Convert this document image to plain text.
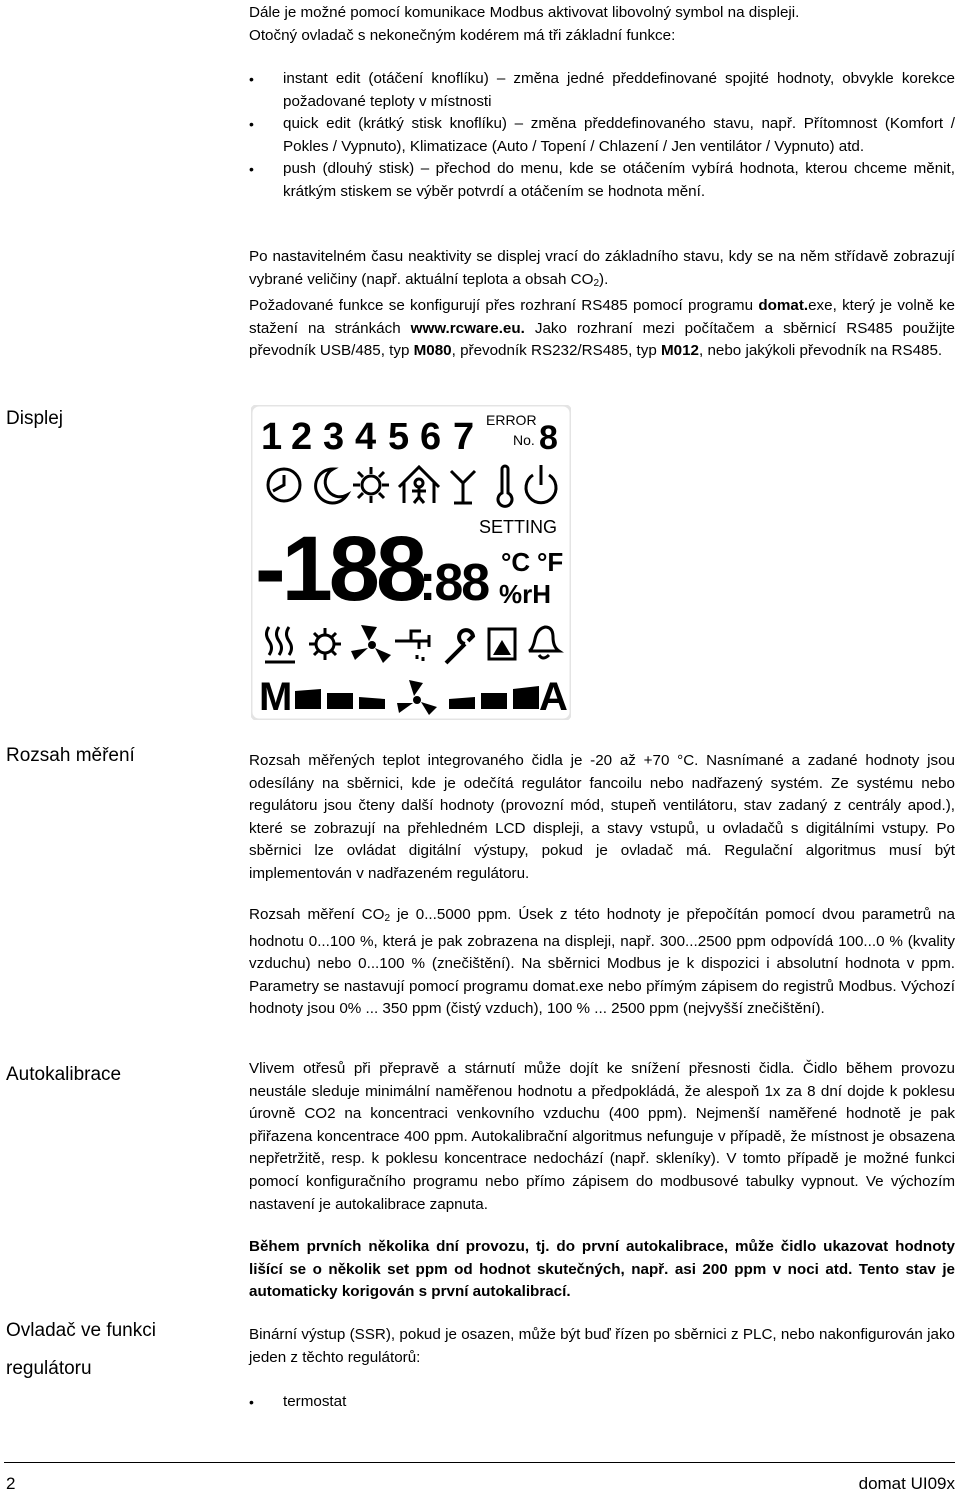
Dále je možné pomocí komunikace Modbus aktivovat libovolný symbol na displeji.
Otočný ovladač s nekonečným kodérem má tři základní funkce:

• instant edit (otáčení knoflíku) – změna jedné předdefinované spojité hodnoty, obvykle korekce požadované teploty v místnosti
• quick edit (krátký stisk knoflíku) – změna předdefinovaného stavu, např. Přítomnost (Komfort / Pokles / Vypnuto), Klimatizace (Auto / Topení / Chlazení / Jen ventilátor / Vypnuto) atd.
• push (dlouhý stisk) – přechod do menu, kde se otáčením vybírá hodnota, kterou chceme měnit, krátkým stiskem se výběr potvrdí a otáčením se hodnota mění.

Po nastavitelném času neaktivity se displej vrací do základního stavu, kdy se na něm střídavě zobrazují vybrané veličiny (např. aktuální teplota a obsah $CO_2$).
Požadované funkce se konfigurují přes rozhraní RS485 pomocí programu domat.exe, který je volně ke stažení na stránkách www.rcware.eu. Jako rozhraní mezi počítačem a sběrnicí RS485 použijte převodník USB/485, typ M080, převodník RS232/RS485, typ M012, nebo jakýkoli převodník na RS485.

Displej	1 2 3 4 5 6 7 ERROR
No. 8
SETTING
-188
:88 °C °F
%rH
M	A
Rozsah měření	Rozsah měřených teplot integrovaného čidla je -20 až +70 °C. Nasnímané a zadané hodnoty jsou odesílány na sběrnici, kde je odečítá regulátor fancoilu nebo nadřazený systém. Ze systému nebo regulátoru jsou čteny další hodnoty (provozní mód, stupeň ventilátoru, stav zadaný z centrály apod.), které se zobrazují na přehledném LCD displeji, a stavy vstupů, u ovladačů s digitálními vstupy. Po sběrnici lze ovládat digitální výstupy, pokud je ovladač má. Regulační algoritmus musí být implementován v nadřazeném regulátoru.

Rozsah měření $CO_2$ je 0...5000 ppm. Úsek z této hodnoty je přepočítán pomocí dvou parametrů na hodnotu 0...100 %, která je pak zobrazena na displeji, např. 300...2500 ppm odpovídá 100...0 % (kvality vzduchu) nebo 0...100 % (znečištění). Na sběrnici Modbus je k dispozici i absolutní hodnota v ppm. Parametry se nastavují pomocí programu domat.exe nebo přímým zápisem do registrů Modbus. Výchozí hodnoty jsou 0% ... 350 ppm (čistý vzduch), 100 % ... 2500 ppm (nejvyšší znečištění).

Autokalibrace	Vlivem otřesů při přepravě a stárnutí může dojít ke snížení přesnosti čidla. Čidlo během provozu neustále sleduje minimální naměřenou hodnotu a předpokládá, že alespoň 1x za 8 dní dojde k poklesu úrovně CO2 na koncentraci venkovního vzduchu (400 ppm). Nejmenší naměřené hodnotě je pak přiřazena koncentrace 400 ppm. Autokalibrační algoritmus nefunguje v případě, že místnost je obsazena nepřetržitě, resp. k poklesu koncentrace nedochází (např. skleníky). V tomto případě je možné funkci pomocí konfiguračního programu nebo přímo zápisem do modbusové tabulky vypnout. Ve výchozím nastavení je autokalibrace zapnuta.

Během prvních několika dní provozu, tj. do první autokalibrace, může čidlo ukazovat hodnoty lišící se o několik set ppm od hodnot skutečných, např. asi 200 ppm v noci atd. Tento stav je automaticky korigován s první autokalibrací.

Ovladač ve funkci
regulátoru

Binární výstup (SSR), pokud je osazen, může být buď řízen po sběrnici z PLC, nebo nakonfigurován jako jeden z těchto regulátorů:

• termostat
2	domat UI09x
